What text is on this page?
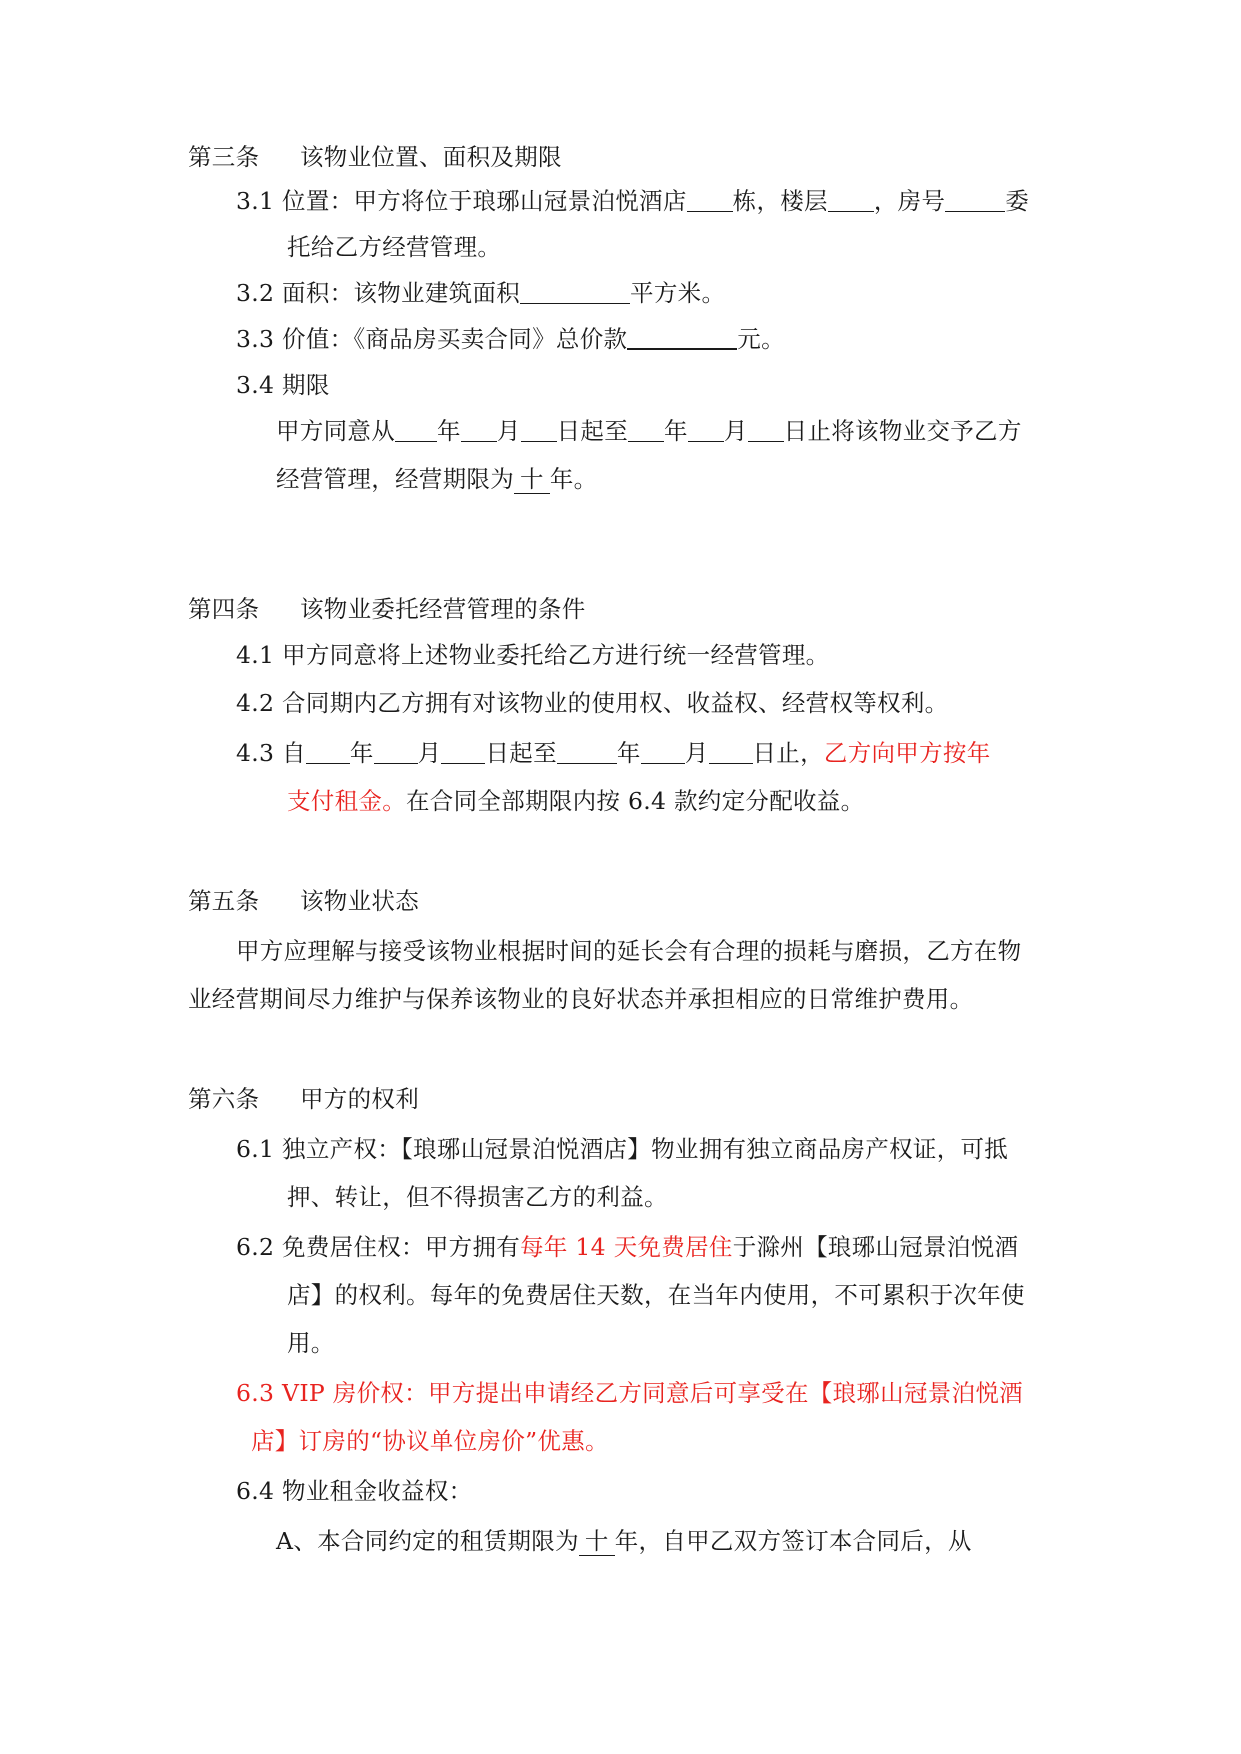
第三条 该物业位置、面积及期限
3.1 位置：甲方将位于琅琊山冠景泊悦酒店 栋，楼层 ，房号	委
托给乙方经营管理。
3.2 面积：该物业建筑面积	平方米。
3.3 价值：《商品房买卖合同》总价款	元。
3.4 期限
甲方同意从 年 月 日起至 年 月 日止将该物业交予乙方
经营管理，经营期限为 十 年。
第四条 该物业委托经营管理的条件
4.1 甲方同意将上述物业委托给乙方进行统一经营管理。
4.2 合同期内乙方拥有对该物业的使用权、收益权、经营权等权利。
4.3 自 年 月 日起至	年 月 日止，乙方向甲方按年
支付租金。在合同全部期限内按 6.4 款约定分配收益。
第五条 该物业状态
甲方应理解与接受该物业根据时间的延长会有合理的损耗与磨损，乙方在物
业经营期间尽力维护与保养该物业的良好状态并承担相应的日常维护费用。
第六条 甲方的权利
6.1 独立产权：【琅琊山冠景泊悦酒店】物业拥有独立商品房产权证，可抵
押、转让，但不得损害乙方的利益。
6.2 免费居住权：甲方拥有每年 14 天免费居住于滁州【琅琊山冠景泊悦酒
店】的权利。每年的免费居住天数，在当年内使用，不可累积于次年使
用。
6.3 VIP 房价权：甲方提出申请经乙方同意后可享受在【琅琊山冠景泊悦酒
店】订房的“协议单位房价”优惠。
6.4 物业租金收益权：
A、本合同约定的租赁期限为 十 年，自甲乙双方签订本合同后，从
